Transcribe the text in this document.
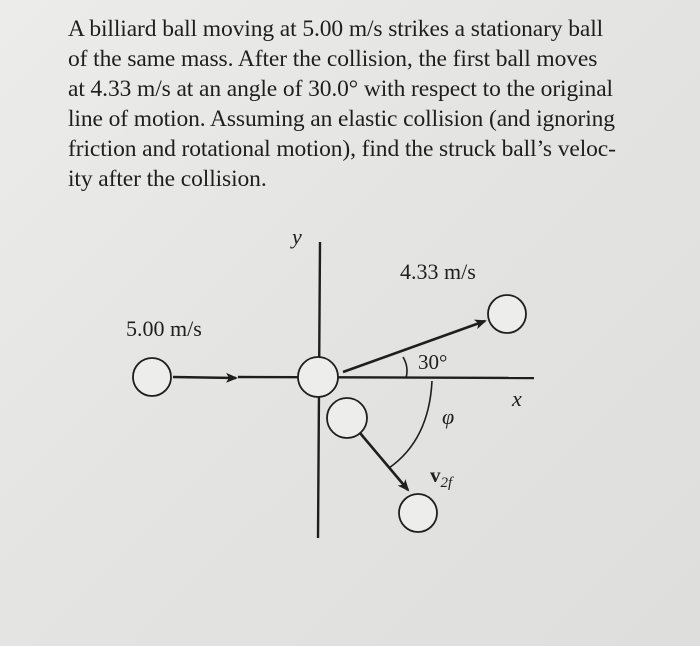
A billiard ball moving at 5.00 m/s strikes a stationary ball
of the same mass. After the collision, the first ball moves
at 4.33 m/s at an angle of 30.0° with respect to the original
line of motion. Assuming an elastic collision (and ignoring
friction and rotational motion), find the struck ball’s veloc-
ity after the collision.
y
x
5.00 m/s
4.33 m/s
30°
φ
$v_{2f}$
